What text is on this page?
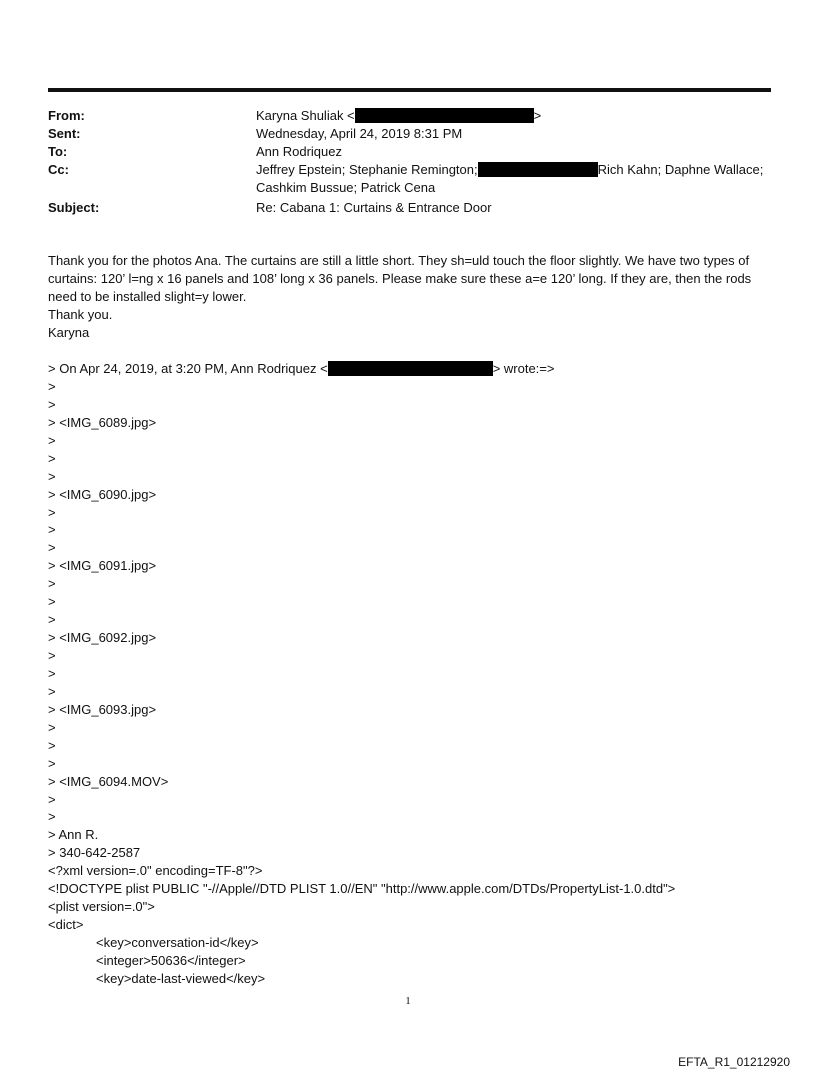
From:	Karyna Shuliak <	>
Sent:	Wednesday, April 24, 2019 8:31 PM
To:	Ann Rodriquez
Cc:	Jeffrey Epstein; Stephanie Remington;	Rich Kahn; Daphne Wallace;
Cashkim Bussue; Patrick Cena
Subject:	Re: Cabana 1: Curtains & Entrance Door

Thank you for the photos Ana. The curtains are still a little short. They sh=uld touch the floor slightly. We have two types of curtains: 120’ l=ng x 16 panels and 108’ long x 36 panels. Please make sure these a=e 120’ long. If they are, then the rods need to be installed slight=y lower.

Thank you.

Karyna

> On Apr 24, 2019, at 3:20 PM, Ann Rodriquez <	> wrote:=>
>
>
> <IMG_6089.jpg>
>
>
>
> <IMG_6090.jpg>
>
>
>
> <IMG_6091.jpg>
>
>
>
> <IMG_6092.jpg>
>
>
>
> <IMG_6093.jpg>
>
>
>
> <IMG_6094.MOV>
>
>
> Ann R.
> 340-642-2587
<?xml version=.0" encoding=TF-8"?>
<!DOCTYPE plist PUBLIC "-//Apple//DTD PLIST 1.0//EN" "http://www.apple.com/DTDs/PropertyList-1.0.dtd">
<plist version=.0">
<dict>
<key>conversation-id</key>
<integer>50636</integer>
<key>date-last-viewed</key>
1
EFTA_R1_01212920
